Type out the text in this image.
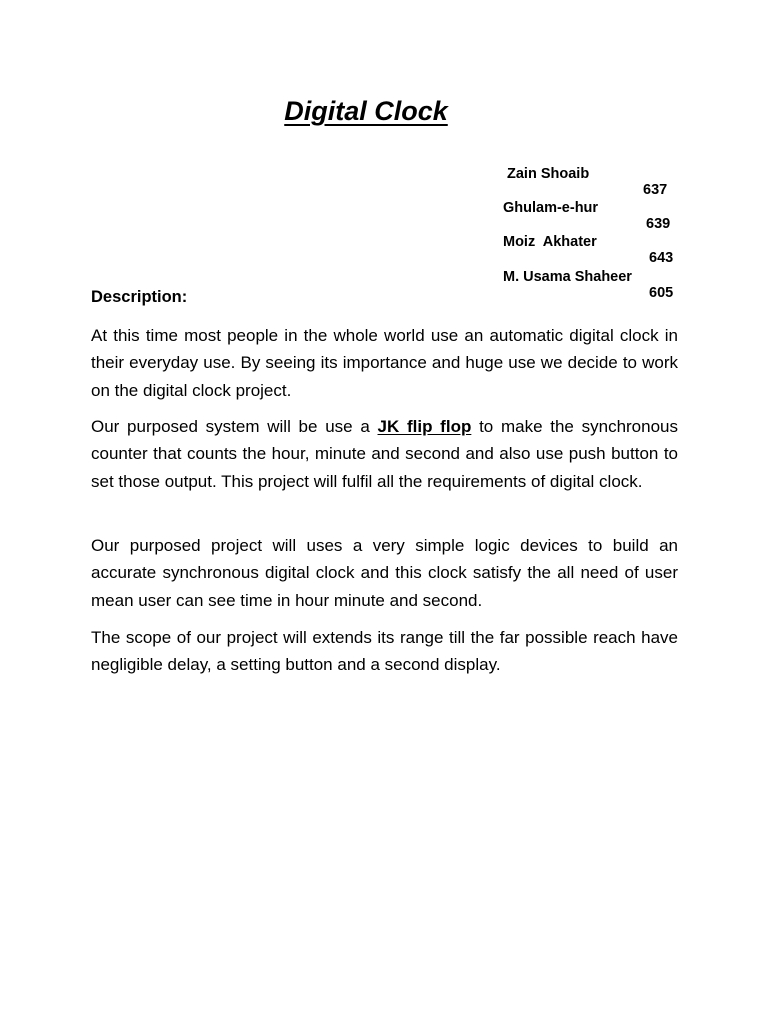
Digital Clock

Zain Shoaib

637

Ghulam-e-hur

639

Moiz  Akhater

643

M. Usama Shaheer

605

Description:

At this time most people in the whole world use an automatic digital clock in their everyday use. By seeing its importance and huge use we decide to work on the digital clock project.

Our purposed system will be use a JK flip flop to make the synchronous counter that counts the hour, minute and second and also use push button to set those output. This project will fulfil all the requirements of digital clock.

Our purposed project will uses a very simple logic devices to build an accurate synchronous digital clock and this clock satisfy the all need of user mean user can see time in hour minute and second.

The scope of our project will extends its range till the far possible reach have negligible delay, a setting button and a second display.
